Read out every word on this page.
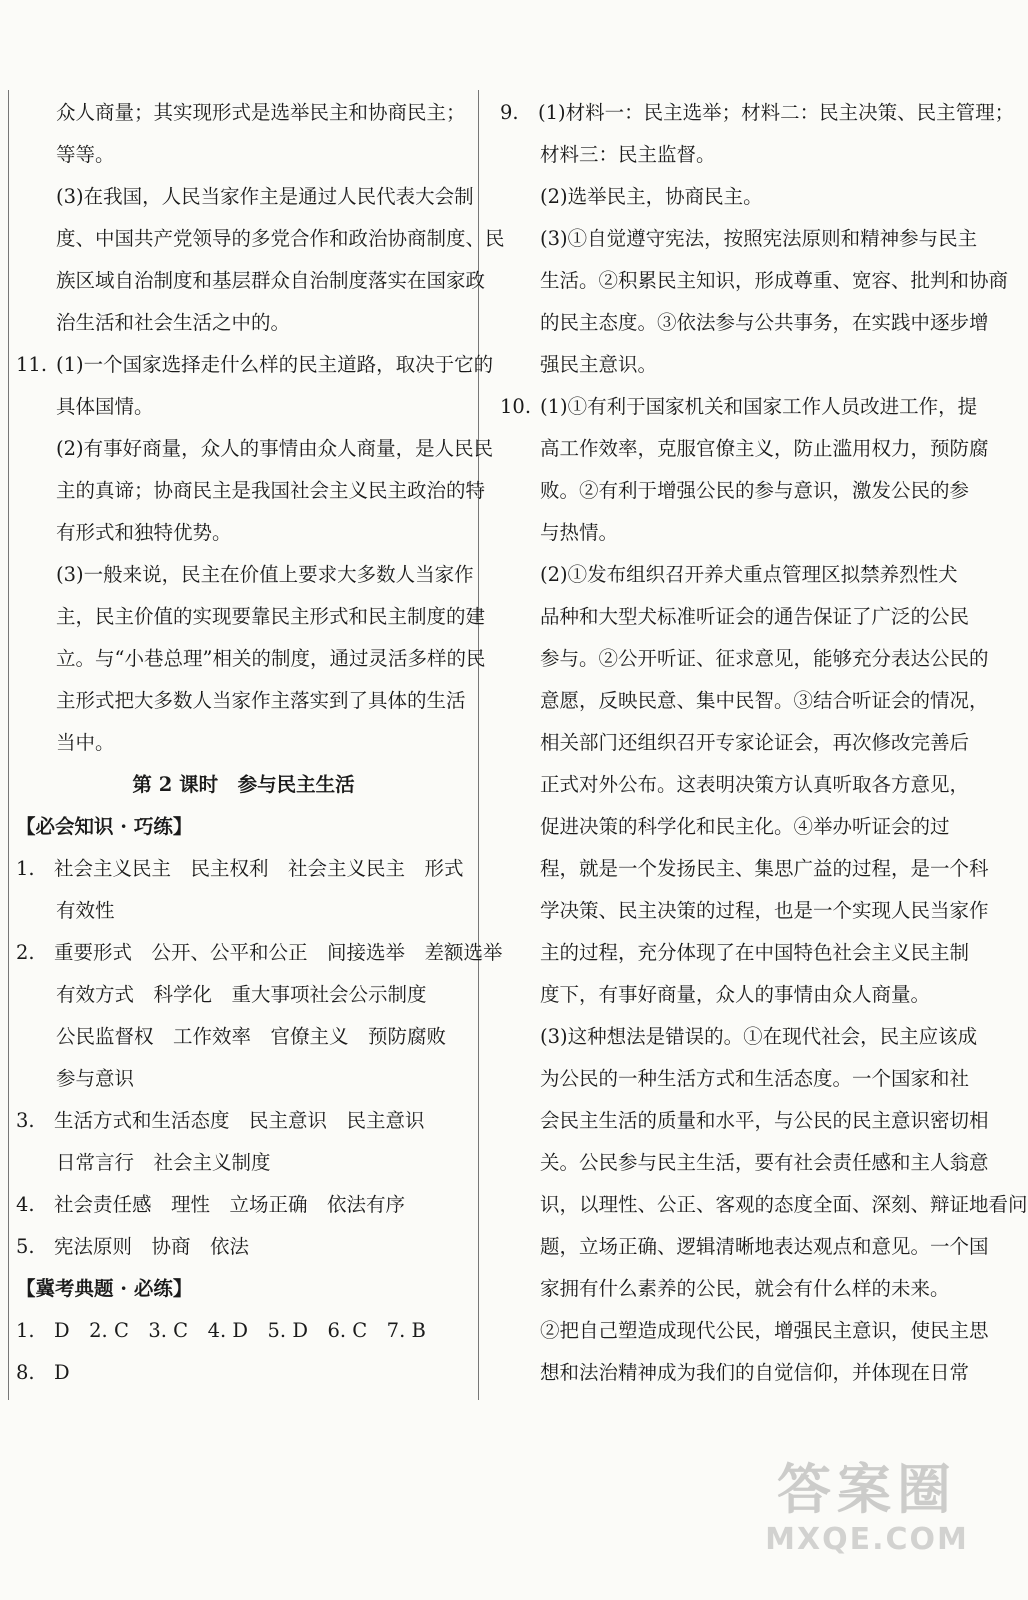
众人商量；其实现形式是选举民主和协商民主；
等等。
(3)在我国，人民当家作主是通过人民代表大会制
度、中国共产党领导的多党合作和政治协商制度、民
族区域自治制度和基层群众自治制度落实在国家政
治生活和社会生活之中的。
11. (1)一个国家选择走什么样的民主道路，取决于它的
具体国情。
(2)有事好商量，众人的事情由众人商量，是人民民
主的真谛；协商民主是我国社会主义民主政治的特
有形式和独特优势。
(3)一般来说，民主在价值上要求大多数人当家作
主，民主价值的实现要靠民主形式和民主制度的建
立。与“小巷总理”相关的制度，通过灵活多样的民
主形式把大多数人当家作主落实到了具体的生活
当中。
第 2 课时　参与民主生活
【必会知识 · 巧练】
1. 社会主义民主　民主权利　社会主义民主　形式
有效性
2. 重要形式　公开、公平和公正　间接选举　差额选举
有效方式　科学化　重大事项社会公示制度
公民监督权　工作效率　官僚主义　预防腐败
参与意识
3. 生活方式和生活态度　民主意识　民主意识
日常言行　社会主义制度
4. 社会责任感　理性　立场正确　依法有序
5. 宪法原则　协商　依法
【冀考典题 · 必练】
1. D　2. C　3. C　4. D　5. D　6. C　7. B
8. D
9. (1)材料一：民主选举；材料二：民主决策、民主管理；
材料三：民主监督。
(2)选举民主，协商民主。
(3)①自觉遵守宪法，按照宪法原则和精神参与民主
生活。②积累民主知识，形成尊重、宽容、批判和协商
的民主态度。③依法参与公共事务，在实践中逐步增
强民主意识。
10. (1)①有利于国家机关和国家工作人员改进工作，提
高工作效率，克服官僚主义，防止滥用权力，预防腐
败。②有利于增强公民的参与意识，激发公民的参
与热情。
(2)①发布组织召开养犬重点管理区拟禁养烈性犬
品种和大型犬标准听证会的通告保证了广泛的公民
参与。②公开听证、征求意见，能够充分表达公民的
意愿，反映民意、集中民智。③结合听证会的情况，
相关部门还组织召开专家论证会，再次修改完善后
正式对外公布。这表明决策方认真听取各方意见，
促进决策的科学化和民主化。④举办听证会的过
程，就是一个发扬民主、集思广益的过程，是一个科
学决策、民主决策的过程，也是一个实现人民当家作
主的过程，充分体现了在中国特色社会主义民主制
度下，有事好商量，众人的事情由众人商量。
(3)这种想法是错误的。①在现代社会，民主应该成
为公民的一种生活方式和生活态度。一个国家和社
会民主生活的质量和水平，与公民的民主意识密切相
关。公民参与民主生活，要有社会责任感和主人翁意
识，以理性、公正、客观的态度全面、深刻、辩证地看问
题，立场正确、逻辑清晰地表达观点和意见。一个国
家拥有什么素养的公民，就会有什么样的未来。
②把自己塑造成现代公民，增强民主意识，使民主思
想和法治精神成为我们的自觉信仰，并体现在日常
答案圈
MXQE.COM
